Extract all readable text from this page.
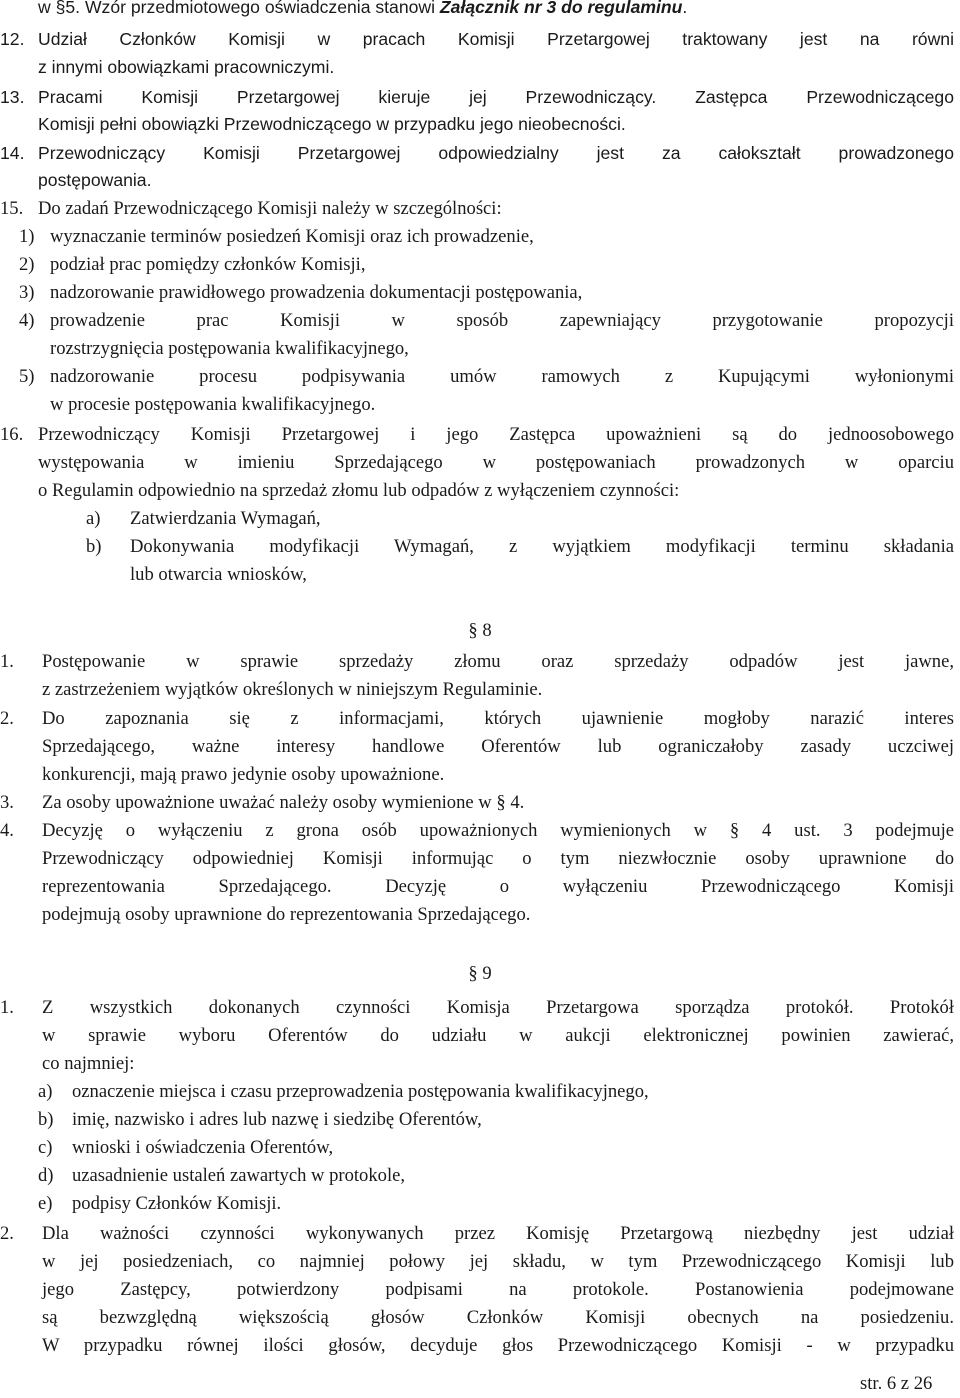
w §5. Wzór przedmiotowego oświadczenia stanowi Załącznik nr 3 do regulaminu.
12. Udział Członków Komisji w pracach Komisji Przetargowej traktowany jest na równi
z innymi obowiązkami pracowniczymi.
13. Pracami Komisji Przetargowej kieruje jej Przewodniczący. Zastępca Przewodniczącego
Komisji pełni obowiązki Przewodniczącego w przypadku jego nieobecności.
14. Przewodniczący Komisji Przetargowej odpowiedzialny jest za całokształt prowadzonego
postępowania.
15. Do zadań Przewodniczącego Komisji należy w szczególności:
1) wyznaczanie terminów posiedzeń Komisji oraz ich prowadzenie,
2) podział prac pomiędzy członków Komisji,
3) nadzorowanie prawidłowego prowadzenia dokumentacji postępowania,
4) prowadzenie prac Komisji w sposób zapewniający przygotowanie propozycji
rozstrzygnięcia postępowania kwalifikacyjnego,
5) nadzorowanie procesu podpisywania umów ramowych z Kupującymi wyłonionymi
w procesie postępowania kwalifikacyjnego.
16. Przewodniczący Komisji Przetargowej i jego Zastępca upoważnieni są do jednoosobowego
występowania w imieniu Sprzedającego w postępowaniach prowadzonych w oparciu
o Regulamin odpowiednio na sprzedaż złomu lub odpadów z wyłączeniem czynności:
a) Zatwierdzania Wymagań,
b) Dokonywania modyfikacji Wymagań, z wyjątkiem modyfikacji terminu składania
lub otwarcia wniosków,
§ 8
1. Postępowanie w sprawie sprzedaży złomu oraz sprzedaży odpadów jest jawne,
z zastrzeżeniem wyjątków określonych w niniejszym Regulaminie.
2. Do zapoznania się z informacjami, których ujawnienie mogłoby narazić interes
Sprzedającego, ważne interesy handlowe Oferentów lub ograniczałoby zasady uczciwej
konkurencji, mają prawo jedynie osoby upoważnione.
3. Za osoby upoważnione uważać należy osoby wymienione w § 4.
4. Decyzję o wyłączeniu z grona osób upoważnionych wymienionych w § 4 ust. 3 podejmuje
Przewodniczący odpowiedniej Komisji informując o tym niezwłocznie osoby uprawnione do
reprezentowania Sprzedającego. Decyzję o wyłączeniu Przewodniczącego Komisji
podejmują osoby uprawnione do reprezentowania Sprzedającego.
§ 9
1. Z wszystkich dokonanych czynności Komisja Przetargowa sporządza protokół. Protokół
w sprawie wyboru Oferentów do udziału w aukcji elektronicznej powinien zawierać,
co najmniej:
a) oznaczenie miejsca i czasu przeprowadzenia postępowania kwalifikacyjnego,
b) imię, nazwisko i adres lub nazwę i siedzibę Oferentów,
c) wnioski i oświadczenia Oferentów,
d) uzasadnienie ustaleń zawartych w protokole,
e) podpisy Członków Komisji.
2. Dla ważności czynności wykonywanych przez Komisję Przetargową niezbędny jest udział
w jej posiedzeniach, co najmniej połowy jej składu, w tym Przewodniczącego Komisji lub
jego Zastępcy, potwierdzony podpisami na protokole. Postanowienia podejmowane
są bezwzględną większością głosów Członków Komisji obecnych na posiedzeniu.
W przypadku równej ilości głosów, decyduje głos Przewodniczącego Komisji - w przypadku
str. 6 z 26
